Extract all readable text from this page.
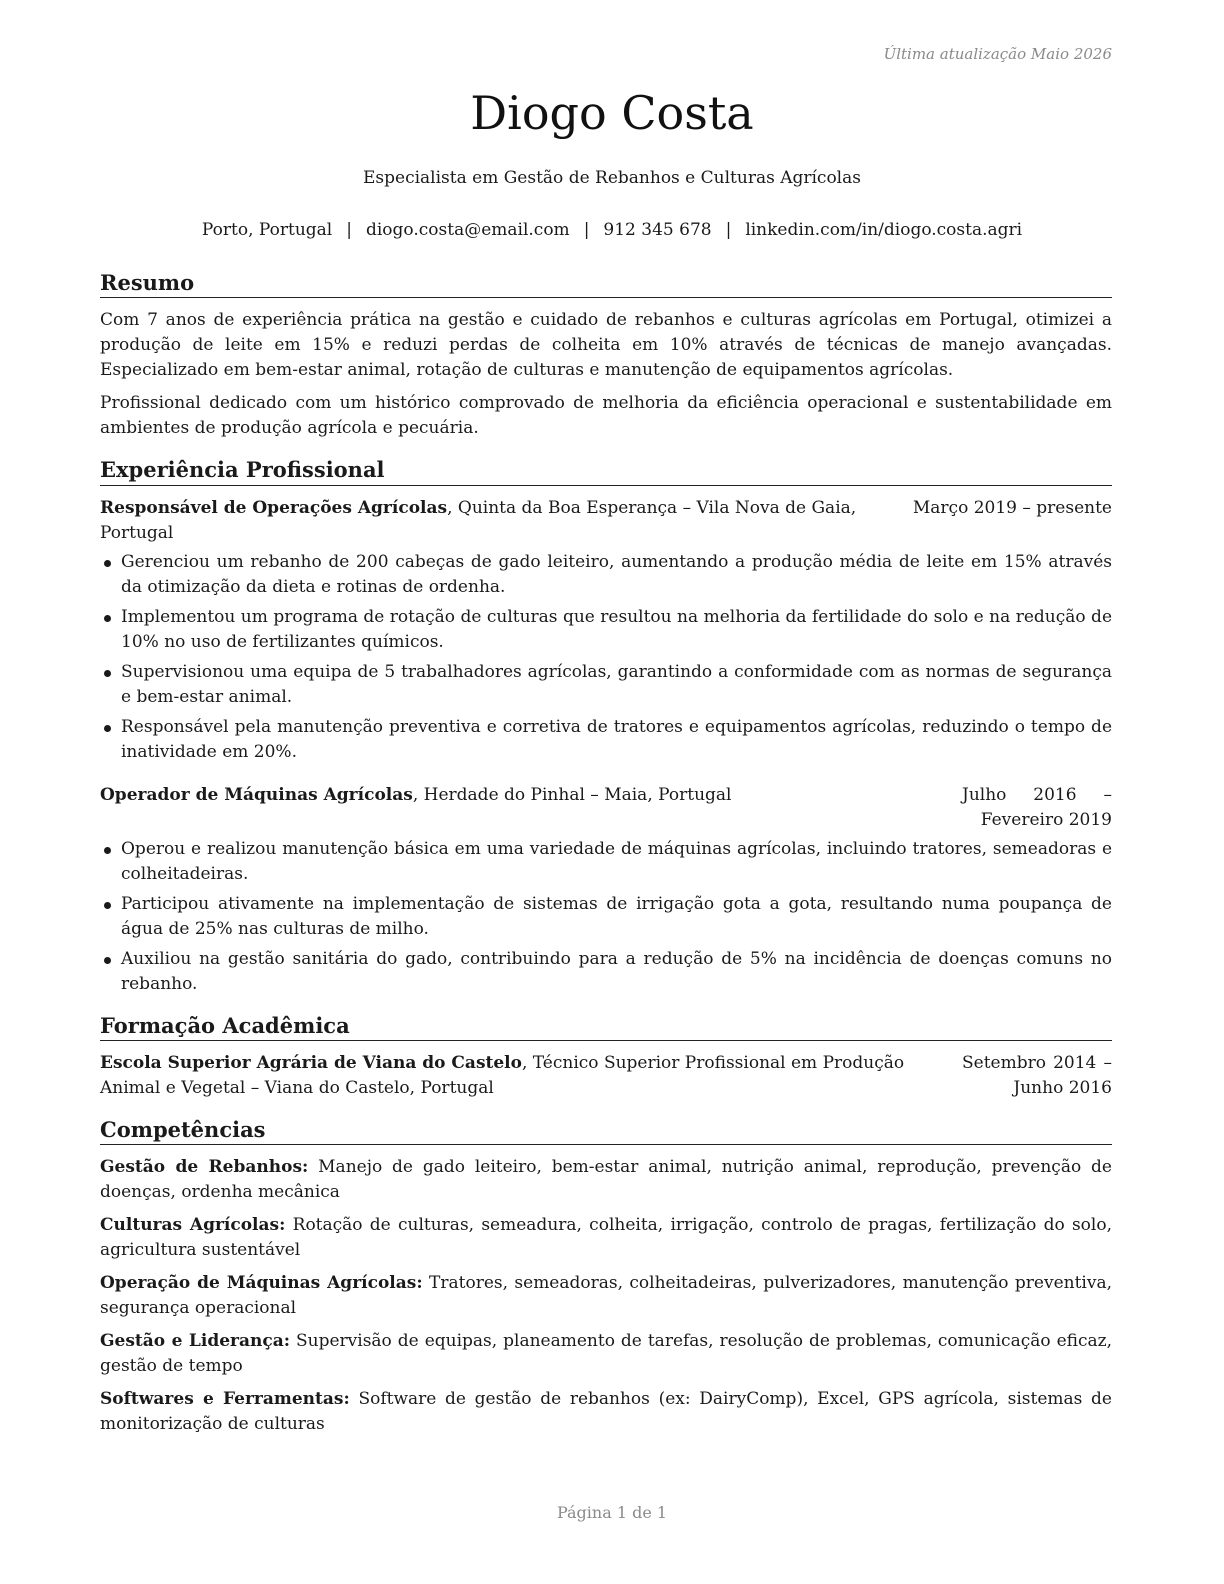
Última atualização Maio 2026
Diogo Costa
Especialista em Gestão de Rebanhos e Culturas Agrícolas
Porto, Portugal | diogo.costa@email.com | 912 345 678 | linkedin.com/in/diogo.costa.agri
Resumo

Com 7 anos de experiência prática na gestão e cuidado de rebanhos e culturas agrícolas em Portugal, otimizei a produção de leite em 15% e reduzi perdas de colheita em 10% através de técnicas de manejo avançadas. Especializado em bem-estar animal, rotação de culturas e manutenção de equipamentos agrícolas.

Profissional dedicado com um histórico comprovado de melhoria da eficiência operacional e sustentabilidade em ambientes de produção agrícola e pecuária.

Experiência Profissional
Responsável de Operações Agrícolas, Quinta da Boa Esperança – Vila Nova de Gaia, Portugal
Março 2019 – presente
Gerenciou um rebanho de 200 cabeças de gado leiteiro, aumentando a produção média de leite em 15% através da otimização da dieta e rotinas de ordenha.
Implementou um programa de rotação de culturas que resultou na melhoria da fertilidade do solo e na redução de 10% no uso de fertilizantes químicos.
Supervisionou uma equipa de 5 trabalhadores agrícolas, garantindo a conformidade com as normas de segurança e bem-estar animal.
Responsável pela manutenção preventiva e corretiva de tratores e equipamentos agrícolas, reduzindo o tempo de inatividade em 20%.
Operador de Máquinas Agrícolas, Herdade do Pinhal – Maia, Portugal	Julho 2016 – Fevereiro 2019
Operou e realizou manutenção básica em uma variedade de máquinas agrícolas, incluindo tratores, semeadoras e colheitadeiras.
Participou ativamente na implementação de sistemas de irrigação gota a gota, resultando numa poupança de água de 25% nas culturas de milho.
Auxiliou na gestão sanitária do gado, contribuindo para a redução de 5% na incidência de doenças comuns no rebanho.
Formação Acadêmica
Escola Superior Agrária de Viana do Castelo, Técnico Superior Profissional em Produção Animal e Vegetal – Viana do Castelo, Portugal
Setembro 2014 – Junho 2016
Competências

Gestão de Rebanhos: Manejo de gado leiteiro, bem-estar animal, nutrição animal, reprodução, prevenção de doenças, ordenha mecânica

Culturas Agrícolas: Rotação de culturas, semeadura, colheita, irrigação, controlo de pragas, fertilização do solo, agricultura sustentável

Operação de Máquinas Agrícolas: Tratores, semeadoras, colheitadeiras, pulverizadores, manutenção preventiva, segurança operacional

Gestão e Liderança: Supervisão de equipas, planeamento de tarefas, resolução de problemas, comunicação eficaz, gestão de tempo

Softwares e Ferramentas: Software de gestão de rebanhos (ex: DairyComp), Excel, GPS agrícola, sistemas de monitorização de culturas

Página 1 de 1
